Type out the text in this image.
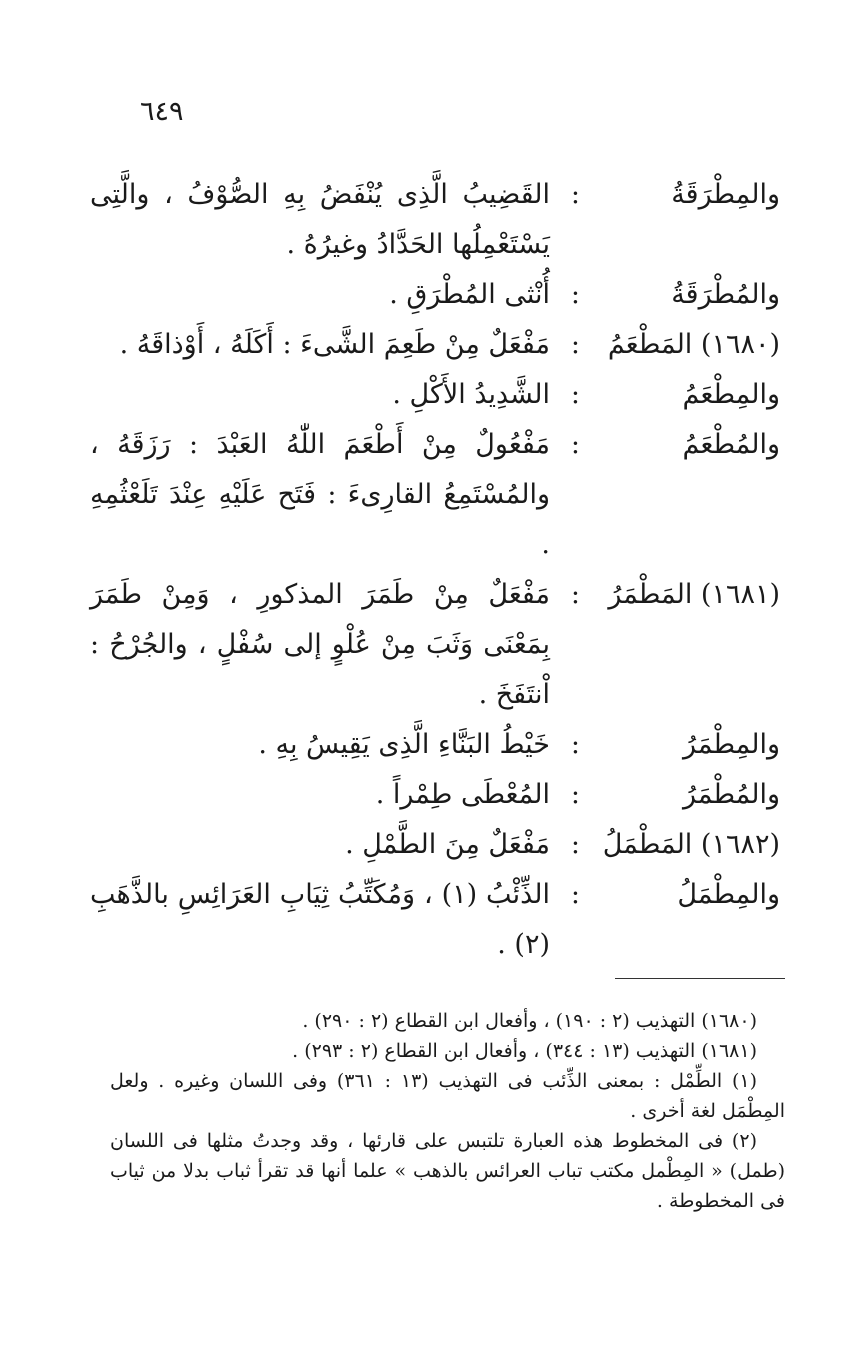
٦٤٩
والمِطْرَقَةُ
:
القَضِيبُ الَّذِى يُنْفَضُ بِهِ الصُّوْفُ ، والَّتِى يَسْتَعْمِلُها الحَدَّادُ وغيرُهُ .
والمُطْرَقَةُ
:
أُنْثى المُطْرَقِ .
(١٦٨٠) المَطْعَمُ
:
مَفْعَلٌ مِنْ طَعِمَ الشَّىءَ : أَكَلَهُ ، أَوْذاقَهُ .
والمِطْعَمُ
:
الشَّدِيدُ الأَكْلِ .
والمُطْعَمُ
:
مَفْعُولٌ مِنْ أَطْعَمَ اللّٰهُ العَبْدَ : رَزَقَهُ ، والمُسْتَمِعُ القارِىءَ : فَتَح عَلَيْهِ عِنْدَ تَلَعْثُمِهِ .
(١٦٨١) المَطْمَرُ
:
مَفْعَلٌ مِنْ طَمَرَ المذكورِ ، وَمِنْ طَمَرَ بِمَعْنَى وَثَبَ مِنْ عُلْوٍ إلى سُفْلٍ ، والجُرْحُ : اْنتَفَخَ .
والمِطْمَرُ
:
خَيْطُ البَنَّاءِ الَّذِى يَقِيسُ بِهِ .
والمُطْمَرُ
:
المُعْطَى طِمْراً .
(١٦٨٢) المَطْمَلُ
:
مَفْعَلٌ مِنَ الطَّمْلِ .
والمِطْمَلُ
:
الذِّئْبُ (١) ، وَمُكَتِّبُ ثِيَابِ العَرَائِسِ بالذَّهَبِ (٢) .

(١٦٨٠) التهذيب (٢ : ١٩٠) ، وأفعال ابن القطاع (٢ : ٢٩٠) .

(١٦٨١) التهذيب (١٣ : ٣٤٤) ، وأفعال ابن القطاع (٢ : ٢٩٣) .

(١) الطِّمْل : بمعنى الذِّئب فى التهذيب (١٣ : ٣٦١) وفى اللسان وغيره . ولعل المِطْمَل لغة أخرى .

(٢) فى المخطوط هذه العبارة تلتبس على قارئها ، وقد وجدتُ مثلها فى اللسان (طمل) « المِطْمل مكتب تباب العرائس بالذهب » علما أنها قد تقرأ ثباب بدلا من ثياب فى المخطوطة .
